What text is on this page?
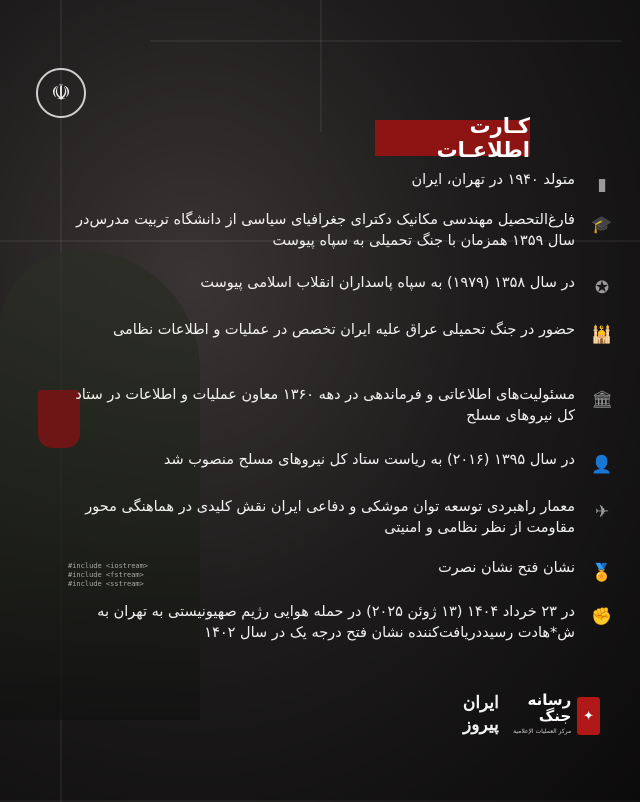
☫
کـارت اطلاعـات
▮
متولد ۱۹۴۰ در تهران، ایران
🎓
فارغ‌التحصیل مهندسی مکانیک دکترای جغرافیای سیاسی از دانشگاه تربیت مدرس‌در سال ۱۳۵۹ همزمان با جنگ تحمیلی به سپاه پیوست
✪
در سال ۱۳۵۸ (۱۹۷۹) به سپاه پاسداران انقلاب اسلامی پیوست
🕌
حضور در جنگ تحمیلی عراق علیه ایران تخصص در عملیات و اطلاعات نظامی
🏛
مسئولیت‌های اطلاعاتی و فرماندهی در دهه ۱۳۶۰ معاون عملیات و اطلاعات در ستاد کل نیروهای مسلح
👤
در سال ۱۳۹۵ (۲۰۱۶) به ریاست ستاد کل نیروهای مسلح منصوب شد
✈
معمار راهبردی توسعه توان موشکی و دفاعی ایران نقش کلیدی در هماهنگی محور مقاومت از نظر نظامی و امنیتی
🏅
نشان فتح نشان نصرت
✊
در ۲۳ خرداد ۱۴۰۴ (۱۳ ژوئن ۲۰۲۵) در حمله هوایی رژیم صهیونیستی به تهران به ش*هادت رسیددریافت‌کننده نشان فتح درجه یک در سال ۱۴۰۲
#include <iostream>
#include <fstream>
#include <sstream>
ایران پیروز
رسانه جنگ
مرکز العملیات الإعلامیة
✦
